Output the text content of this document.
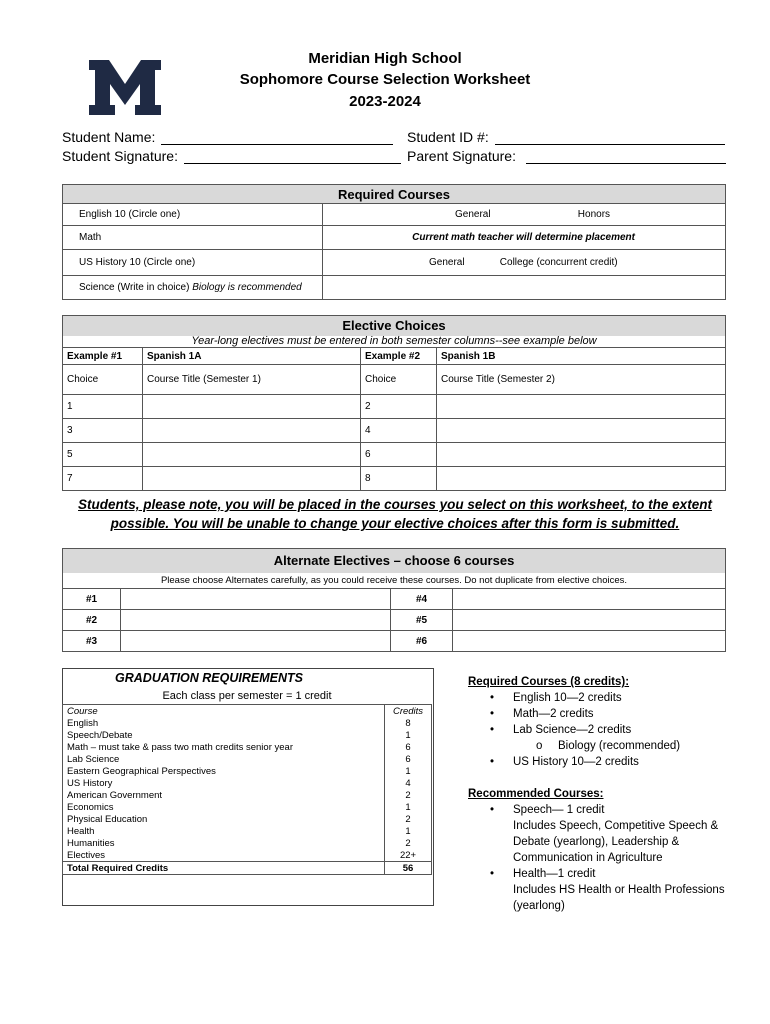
Meridian High School
Sophomore Course Selection Worksheet
2023-2024
Student Name:
Student Signature:
Student ID #:
Parent Signature:
Required Courses	
English 10 (Circle one)	General Honors
Math	Current math teacher will determine placement
US History 10 (Circle one)	General College (concurrent credit)
Science (Write in choice) Biology is recommended	
Elective Choices			
Year-long electives must be entered in both semester columns--see example below			
Example #1	Spanish 1A	Example #2	Spanish 1B
Choice	Course Title (Semester 1)	Choice	Course Title (Semester 2)
1		2	
3		4	
5		6	
7		8	
Students, please note, you will be placed in the courses you select on this worksheet, to the extent possible. You will be unable to change your elective choices after this form is submitted.
Alternate Electives – choose 6 courses			
Please choose Alternates carefully, as you could receive these courses. Do not duplicate from elective choices.			
#1		#4	
#2		#5	
#3		#6	
GRADUATION REQUIREMENTS
Each class per semester = 1 credit
Course	Credits
English	8
Speech/Debate	1
Math – must take & pass two math credits senior year	6
Lab Science	6
Eastern Geographical Perspectives	1
US History	4
American Government	2
Economics	1
Physical Education	2
Health	1
Humanities	2
Electives	22+
Total Required Credits	56
Required Courses (8 credits):
• English 10—2 credits
• Math—2 credits
• Lab Science—2 credits
o Biology (recommended)
• US History 10—2 credits
Recommended Courses:
• Speech— 1 credit
Includes Speech, Competitive Speech & Debate (yearlong), Leadership & Communication in Agriculture
• Health—1 credit
Includes HS Health or Health Professions (yearlong)
